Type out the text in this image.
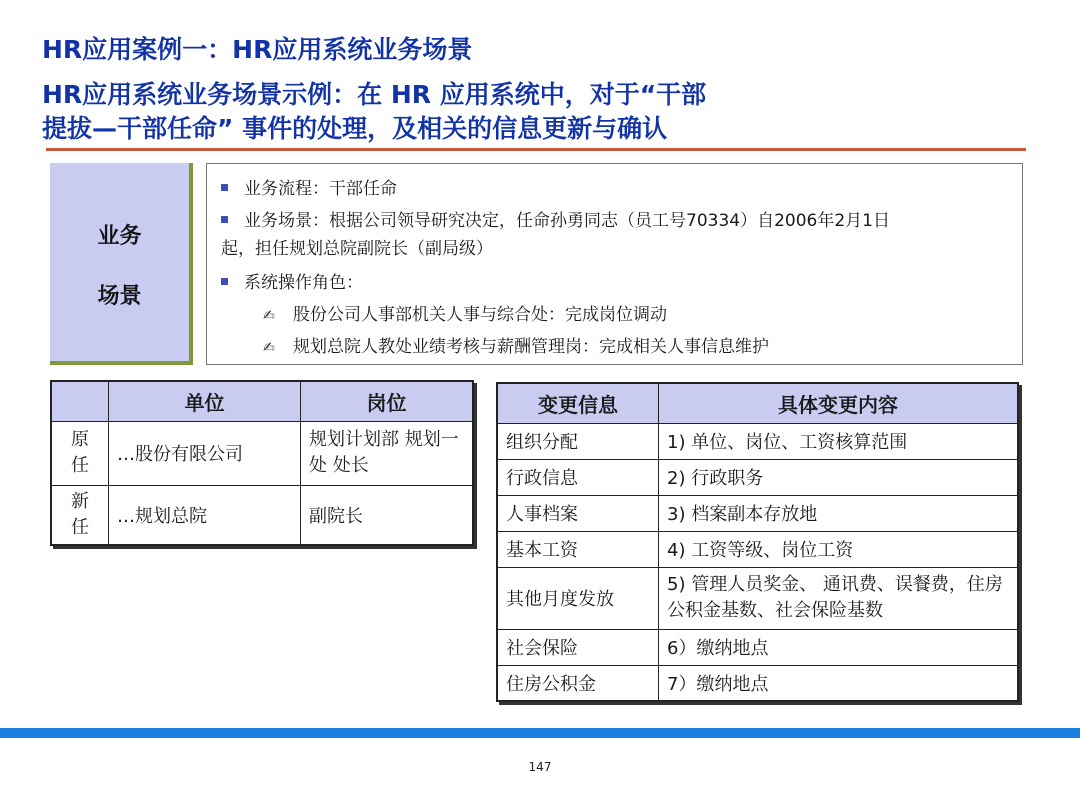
HR应用案例一：HR应用系统业务场景
HR应用系统业务场景示例：在 HR 应用系统中，对于“干部
提拔—干部任命” 事件的处理，及相关的信息更新与确认
业务
场景
业务流程：干部任命
业务场景：根据公司领导研究决定，任命孙勇同志（员工号70334）自2006年2月1日
起，担任规划总院副院长（副局级）
系统操作角色：
✍ 股份公司人事部机关人事与综合处：完成岗位调动
✍ 规划总院人教处业绩考核与薪酬管理岗：完成相关人事信息维护
	单位	岗位
原任	…股份有限公司	规划计划部 规划一处 处长
新任	…规划总院	副院长
变更信息	具体变更内容
组织分配	1) 单位、岗位、工资核算范围
行政信息	2) 行政职务
人事档案	3) 档案副本存放地
基本工资	4) 工资等级、岗位工资
其他月度发放	5) 管理人员奖金、 通讯费、误餐费，住房公积金基数、社会保险基数
社会保险	6）缴纳地点
住房公积金	7）缴纳地点
147
